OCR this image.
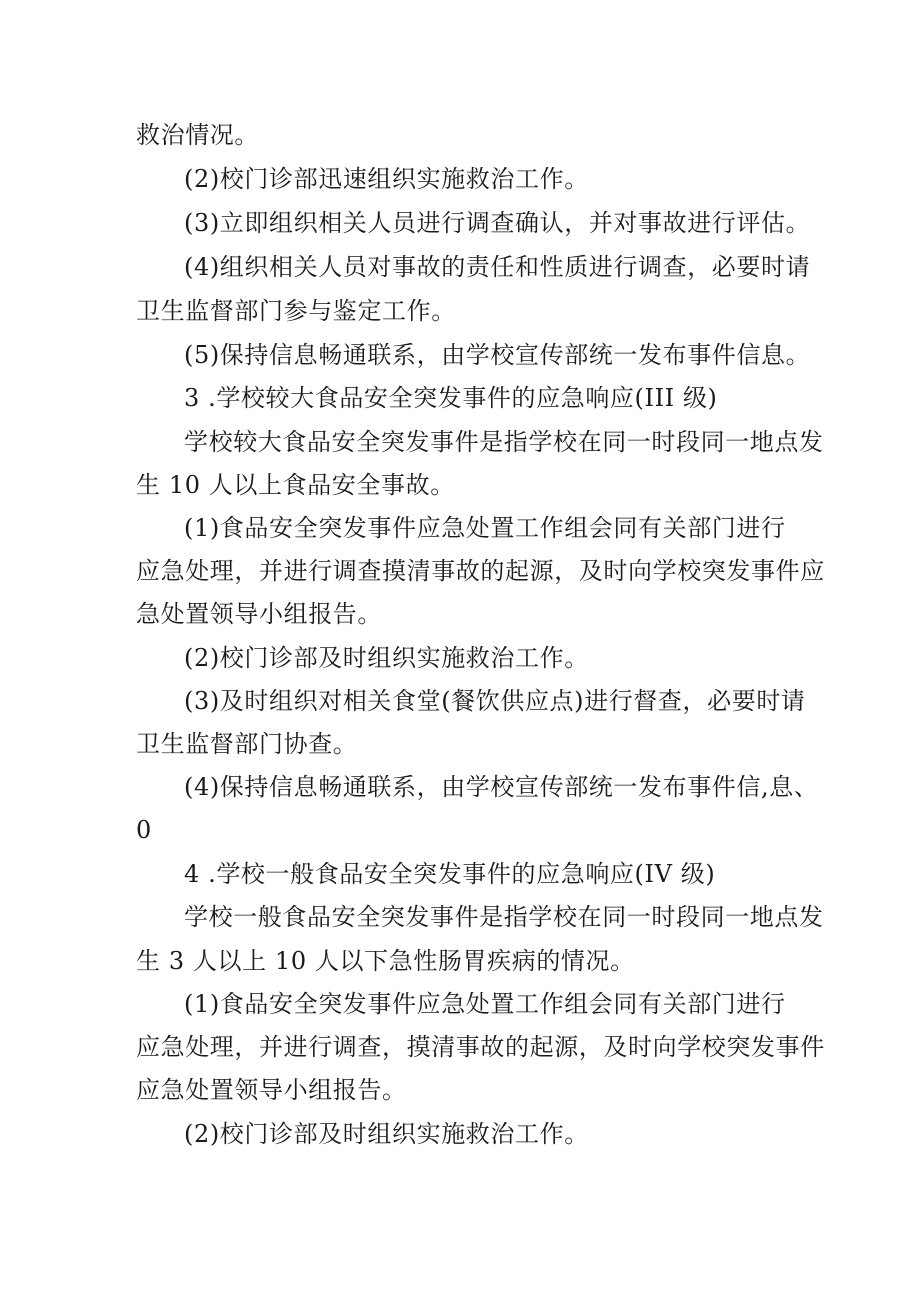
救治情况。
(2)校门诊部迅速组织实施救治工作。
(3)立即组织相关人员进行调查确认，并对事故进行评估。
(4)组织相关人员对事故的责任和性质进行调查，必要时请
卫生监督部门参与鉴定工作。
(5)保持信息畅通联系，由学校宣传部统一发布事件信息。
3 .学校较大食品安全突发事件的应急响应(III 级)
学校较大食品安全突发事件是指学校在同一时段同一地点发
生 10 人以上食品安全事故。
(1)食品安全突发事件应急处置工作组会同有关部门进行
应急处理，并进行调查摸清事故的起源，及时向学校突发事件应
急处置领导小组报告。
(2)校门诊部及时组织实施救治工作。
(3)及时组织对相关食堂(餐饮供应点)进行督查，必要时请
卫生监督部门协查。
(4)保持信息畅通联系，由学校宣传部统一发布事件信,息、
0
4 .学校一般食品安全突发事件的应急响应(IV 级)
学校一般食品安全突发事件是指学校在同一时段同一地点发
生 3 人以上 10 人以下急性肠胃疾病的情况。
(1)食品安全突发事件应急处置工作组会同有关部门进行
应急处理，并进行调查，摸清事故的起源，及时向学校突发事件
应急处置领导小组报告。
(2)校门诊部及时组织实施救治工作。
